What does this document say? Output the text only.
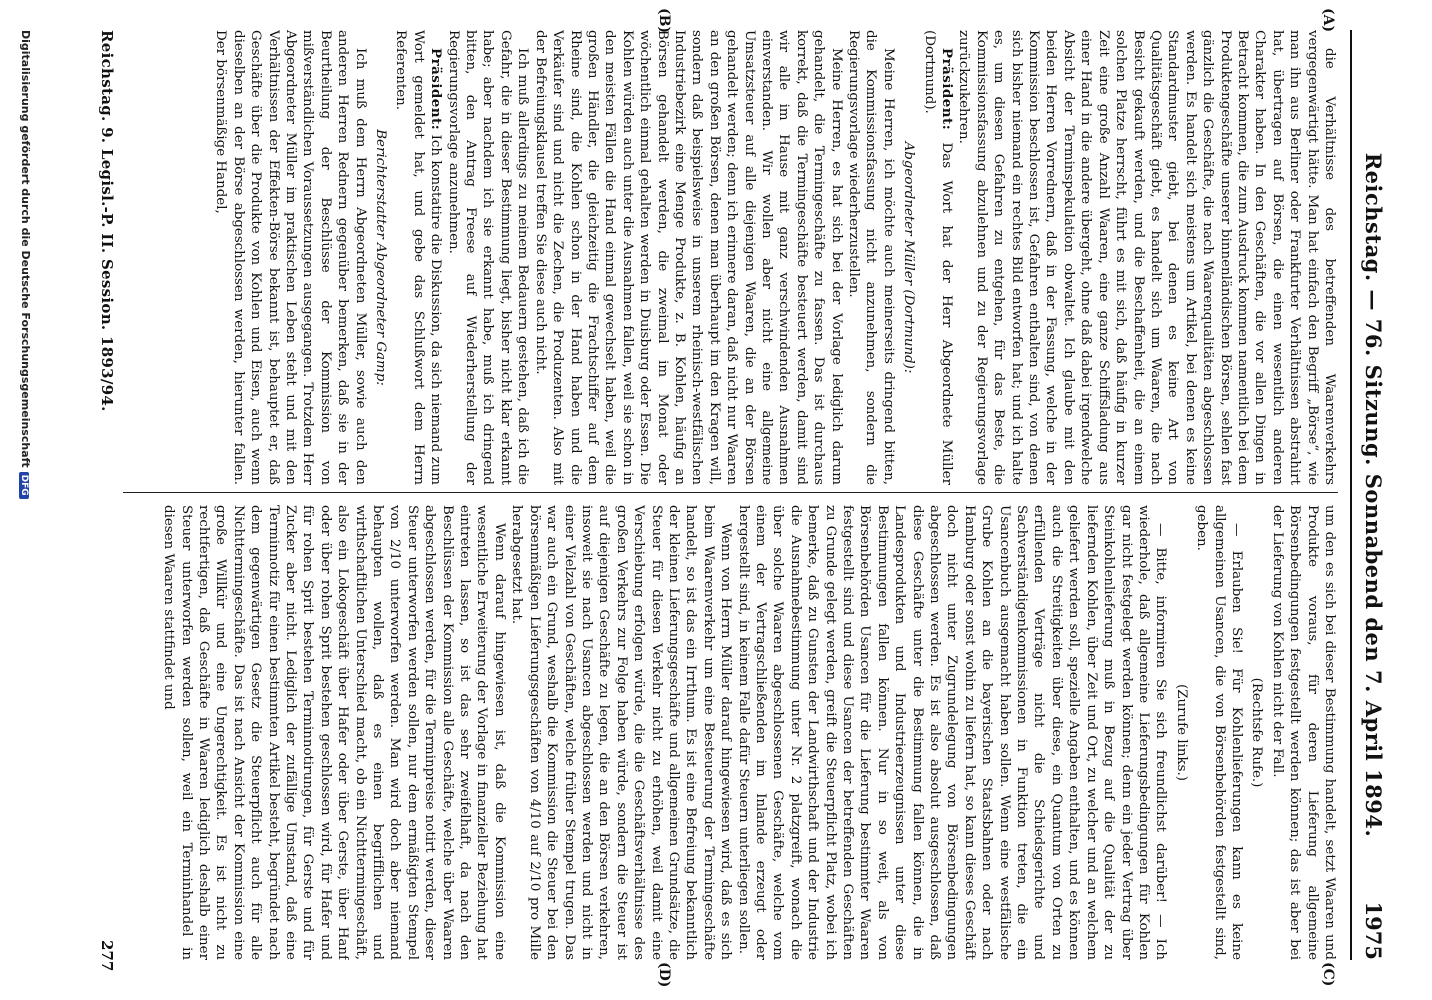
Reichstag. — 76. Sitzung. Sonnabend den 7. April 1894.
1975
(A)
(B)
(C)
(D)

die Verhältnisse des betreffenden Waarenverkehrs vergegenwärtigt hätte. Man hat einfach den Begriff „Börse“, wie man ihn aus Berliner oder Frankfurter Verhältnissen abstrahirt hat, übertragen auf Börsen, die einen wesentlich anderen Charakter haben. In den Geschäften, die vor allen Dingen in Betracht kommen, die zum Ausdruck kommen namentlich bei dem Produktengeschäfte unserer binnenländischen Börsen, sehlen fast gänzlich die Geschäfte, die nach Waarenqualitäten abgeschlossen werden. Es handelt sich meistens um Artikel, bei denen es keine Standardmuster giebt, bei denen es keine Art von Qualitätsgeschäft giebt, es handelt sich um Waaren, die nach Besicht gekauft werden, und die Beschaffenheit, die an einem solchen Platze herrscht, führt es mit sich, daß häufig in kurzer Zeit eine große Anzahl Waaren, eine ganze Schiffsladung aus einer Hand in die andere übergeht, ohne daß dabei irgendwelche Absicht der Terminspekulation obwaltet. Ich glaube mit den beiden Herren Vorrednern, daß in der Fassung, welche in der Kommission beschlossen ist, Gefahren enthalten sind, von denen sich bisher niemand ein rechtes Bild entworfen hat; und ich halte es, um diesen Gefahren zu entgehen, für das Beste, die Kommissionsfassung abzulehnen und zu der Regierungsvorlage zurückzukehren.

Präsident: Das Wort hat der Herr Abgeordnete Müller (Dortmund).

Abgeordneter Müller (Dortmund):

Meine Herren, ich möchte auch meinerseits dringend bitten, die Kommissionsfassung nicht anzunehmen, sondern die Regierungsvorlage wiederherzustellen.

Meine Herren, es hat sich bei der Vorlage lediglich darum gehandelt, die Termingeschäfte zu fassen. Das ist durchaus korrekt, daß die Termingeschäfte besteuert werden, damit sind wir alle im Hause mit ganz verschwindenden Ausnahmen einverstanden. Wir wollen aber nicht eine allgemeine Umsatzsteuer auf alle diejenigen Waaren, die an der Börsen gehandelt werden; denn ich erinnere daran, daß nicht nur Waaren an den großen Börsen, denen man überhaupt im den Kragen will, sondern daß beispielsweise in unserem rheinisch-westfälischen Industriebezirk eine Menge Produkte, z. B. Kohlen, häufig an Börsen gehandelt werden, die zweimal im Monat oder wöchentlich einmal gehalten werden in Duisburg oder Essen. Die Kohlen würden auch unter die Ausnahmen fallen, weil sie schon in den meisten Fällen die Hand einmal gewechselt haben, weil die großen Händler, die gleichzeitig die Frachtschiffer auf dem Rheine sind, die Kohlen schon in der Hand haben und die Verkäufer sind und nicht die Zechen, die Produzenten. Also mit der Befreiungsklausel treffen Sie diese auch nicht.

Ich muß allerdings zu meinem Bedauern gestehen, daß ich die Gefahr, die in dieser Bestimmung liegt, bisher nicht klar erkannt habe; aber nachdem ich sie erkannt habe, muß ich dringend bitten, den Antrag Freese auf Wiederherstellung der Regierungsvorlage anzunehmen.

Präsident: Ich konstatire die Diskussion, da sich niemand zum Wort gemeldet hat, und gebe das Schlußwort dem Herrn Referenten.

Berichterstatter Abgeordneter Gamp:

Ich muß dem Herrn Abgeordneten Müller, sowie auch den anderen Herren Rednern gegenüber bemerken, daß sie in der Beurtheilung der Beschlüsse der Kommission von mißverständlichen Voraussetzungen ausgegangen. Trotzdem Herr Abgeordneter Müller im praktischen Leben steht und mit den Verhältnissen der Effekten-Börse bekannt ist, behauptet er, daß Geschäfte über die Produkte von Kohlen und Eisen, auch wenn dieselben an der Börse abgeschlossen werden, hierunter fallen. Der börsenmäßige Handel,

um den es sich bei dieser Bestimmung handelt, setzt Waaren und Produkte voraus, für deren Lieferung allgemeine Börsenbedingungen festgestellt werden können; das ist aber bei der Lieferung von Kohlen nicht der Fall.

(Rechtsfe Rufe.)

— Erlauben Sie! Für Kohlenlieferungen kann es keine allgemeinen Usancen, die von Börsenbehörden festgestellt sind, geben.

(Zurufe links.)

— Bitte, informiren Sie sich freundlichst darüber! — Ich wiederhole, daß allgemeine Lieferungsbedingungen für Kohlen gar nicht festgelegt werden können; denn ein jeder Vertrag über Steinkohlenlieferung muß in Bezug auf die Qualität der zu liefernden Kohlen, über Zeit und Ort, zu welcher und an welchem geliefert werden soll, spezielle Angaben enthalten, und es können auch die Streitigkeiten über diese, ein Quantum von Orten zu erfüllenden Verträge nicht die Schiedsgerichte und Sachverständigenkommissionen in Funktion treten, die ein Usancenbuch ausgemacht haben sollen. Wenn eine westfälische Grube Kohlen an die bayerischen Staatsbahnen oder nach Hamburg oder sonst wohin zu liefern hat, so kann dieses Geschäft doch nicht unter Zugrundelegung von Börsenbedingungen abgeschlossen werden. Es ist also absolut ausgeschlossen, daß diese Geschäfte unter die Bestimmung fallen können, die in Landesprodukten und Industrieerzeugnissen unter diese Bestimmungen fallen können. Nur in so weit, als von Börsenbehörden Usancen für die Lieferung bestimmter Waaren festgestellt sind und diese Usancen der betreffenden Geschäften zu Grunde gelegt werden, greift die Steuerpflicht Platz, wobei ich bemerke, daß zu Gunsten der Landwirthschaft und der Industrie die Ausnahmebestimmung unter Nr. 2 platzgreift, wonach die über solche Waaren abgeschlossenen Geschäfte, welche vom einem der Vertragschließenden im Inlande erzeugt oder hergestellt sind, in keinem Falle dafür Steuern unterliegen sollen.

Wenn von Herrn Müller darauf hingewiesen wird, daß es sich beim Waarenverkehr um eine Besteuerung der Termingeschäfte handelt, so ist das ein Irrthum. Es ist eine Befreiung bekanntlich der kleinen Lieferungsgeschäfte und allgemeinen Grundsätze, die Steuer für diesen Verkehr nicht zu erhöhen, weil damit eine Verschiebung erfolgen würde, die die Geschäftsverhältnisse des großen Verkehrs zur Folge haben würde, sondern die Steuer ist auf diejenigen Geschäfte zu legen, die an den Börsen verkehren, insoweit sie nach Usancen abgeschlossen werden und nicht in einer Vielzahl von Geschäften, welche früher Stempel trugen. Das war auch ein Grund, weshalb die Kommission die Steuer bei den börsenmäßigen Lieferungsgeschäften von 4/10 auf 2/10 pro Mille herabgesetzt hat.

Wenn darauf hingewiesen ist, daß die Kommission eine wesentliche Erweiterung der Vorlage in finanzieller Beziehung hat eintreten lassen, so ist das sehr zweifelhaft, da nach den Beschlüssen der Kommission alle Geschäfte, welche über Waaren abgeschlossen werden, für die Terminpreise notirt werden, dieser Steuer unterworfen werden sollen, nur dem ermäßigten Stempel von 2/10 unterworfen werden. Man wird doch aber niemand behaupten wollen, daß es einen begrifflichen und wirthschaftlichen Unterschied macht, ob ein Nichttermingeschäft, also ein Lokogeschäft über Hafer oder über Gerste, über Hanf oder über rohen Sprit bestehen geschlossen wird, für Hafer und für rohen Sprit bestehen Terminnotirungen, für Gerste und für Zucker aber nicht. Lediglich der zufällige Umstand, daß eine Terminnotiz für einen bestimmten Artikel besteht, begründet nach dem gegenwärtigen Gesetz die Steuerpflicht auch für alle Nichttermingeschäfte. Das ist nach Ansicht der Kommission eine große Willkür und eine Ungerechtigkeit. Es ist nicht zu rechtfertigen, daß Geschäfte in Waaren lediglich deshalb einer Steuer unterworfen werden sollen, weil ein Terminhandel in diesen Waaren stattfindet und

Reichstag. 9. Legisl.-P. II. Session. 1893/94.
277
Digitalisierung gefördert durch die Deutsche ForschungsgemeinschaftDFG
